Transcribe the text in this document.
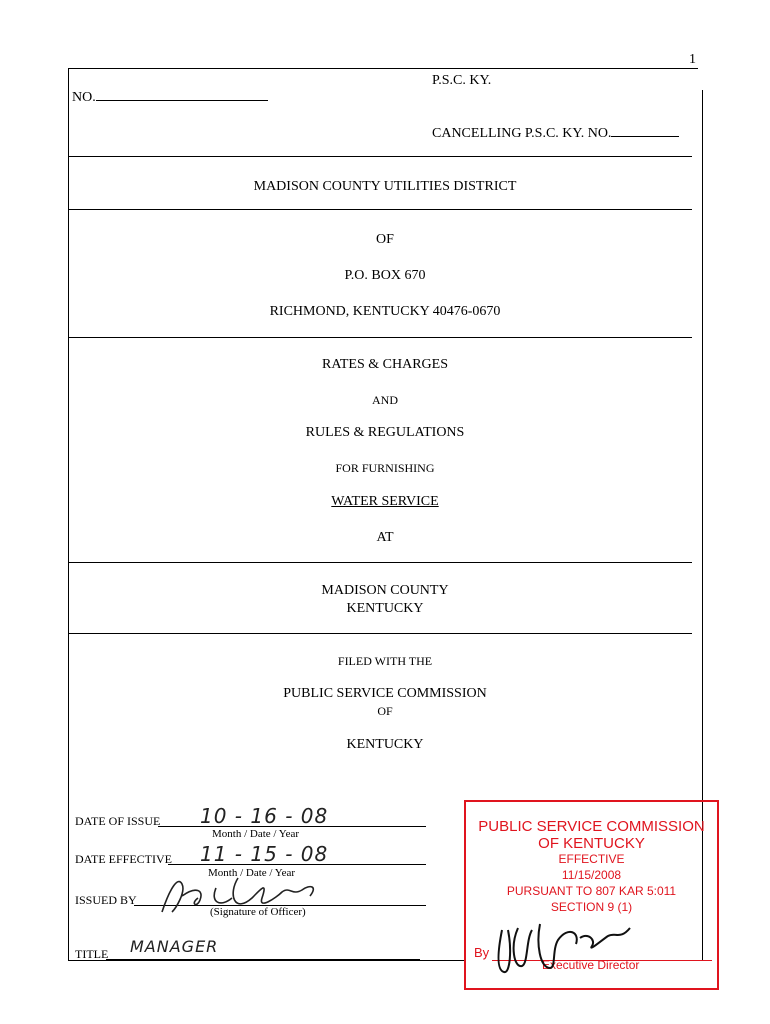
1
P.S.C. KY.
NO.
CANCELLING P.S.C. KY. NO.
MADISON COUNTY UTILITIES DISTRICT
OF
P.O. BOX 670
RICHMOND, KENTUCKY 40476-0670
RATES & CHARGES
AND
RULES & REGULATIONS
FOR FURNISHING
WATER SERVICE
AT
MADISON COUNTY
KENTUCKY
FILED WITH THE
PUBLIC SERVICE COMMISSION
OF
KENTUCKY
DATE OF ISSUE 10 - 16 - 08
Month / Date / Year
DATE EFFECTIVE 11 - 15 - 08
Month / Date / Year
ISSUED BY
(Signature of Officer)
TITLE MANAGER
PUBLIC SERVICE COMMISSION
OF KENTUCKY
EFFECTIVE
11/15/2008
PURSUANT TO 807 KAR 5:011
SECTION 9 (1)
By
Executive Director
